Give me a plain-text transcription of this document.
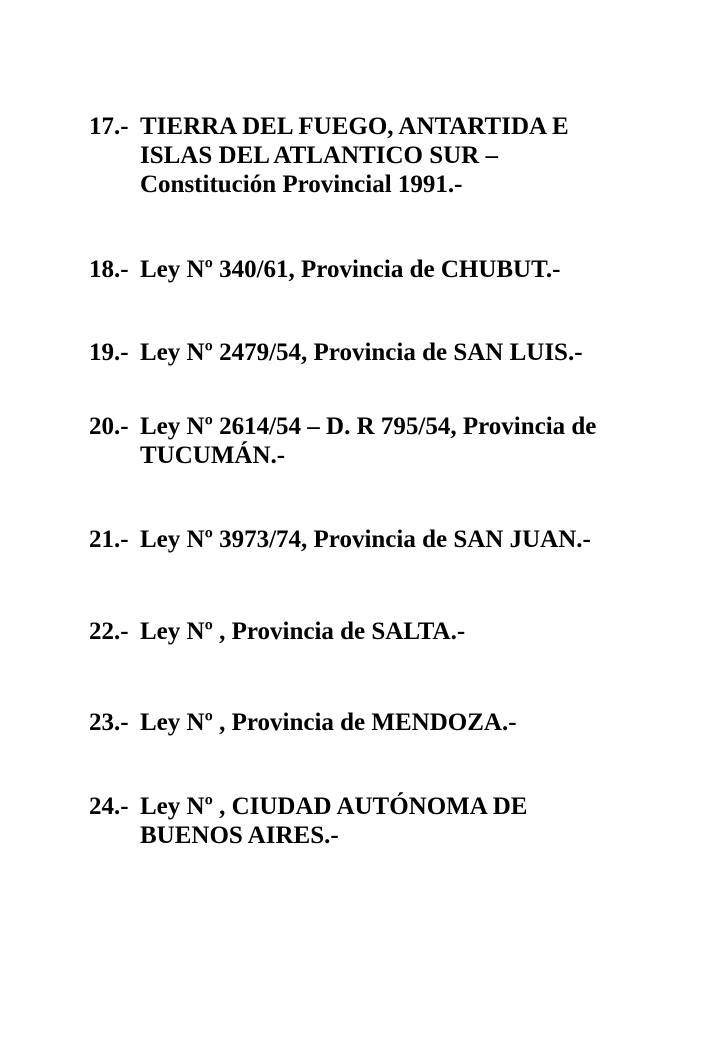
17.- TIERRA DEL FUEGO, ANTARTIDA E
ISLAS DEL ATLANTICO SUR –
Constitución Provincial 1991.-
18.- Ley Nº 340/61, Provincia de CHUBUT.-
19.- Ley Nº 2479/54, Provincia de SAN LUIS.-
20.- Ley Nº 2614/54 – D. R 795/54, Provincia de
TUCUMÁN.-
21.- Ley Nº 3973/74, Provincia de SAN JUAN.-
22.- Ley Nº , Provincia de SALTA.-
23.- Ley Nº , Provincia de MENDOZA.-
24.- Ley Nº , CIUDAD AUTÓNOMA DE
BUENOS AIRES.-
